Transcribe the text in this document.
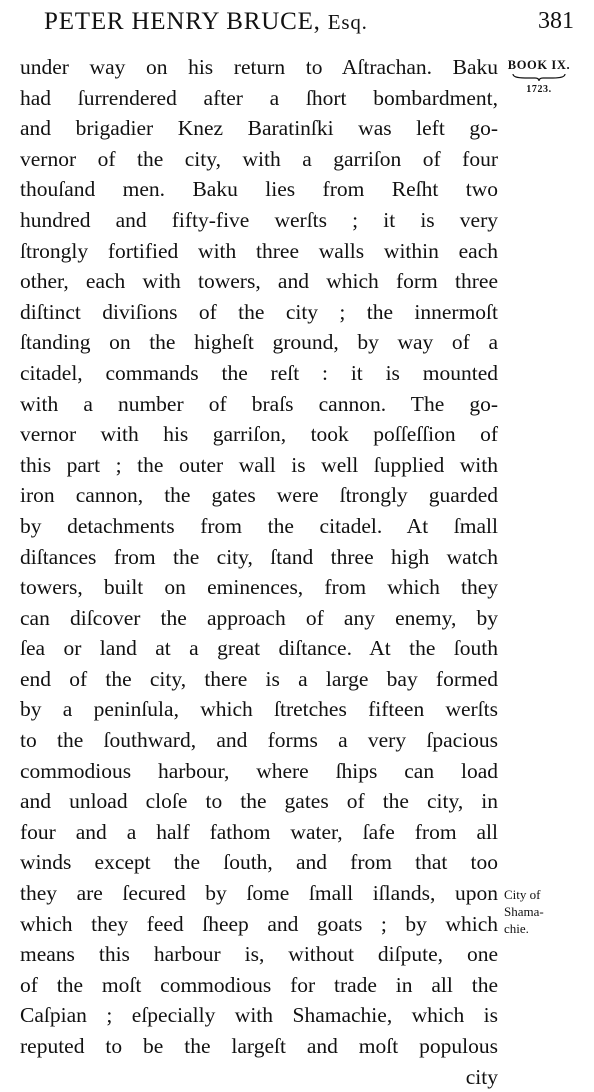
PETER HENRY BRUCE, Esq.	381
BOOK IX.
1723.
under way on his return to Aſtrachan. Baku
had ſurrendered after a ſhort bombardment,
and brigadier Knez Baratinſki was left go-
vernor of the city, with a garriſon of four
thouſand men. Baku lies from Reſht two
hundred and fifty-five werſts ; it is very
ſtrongly fortified with three walls within each
other, each with towers, and which form three
diſtinct diviſions of the city ; the innermoſt
ſtanding on the higheſt ground, by way of a
citadel, commands the reſt : it is mounted
with a number of braſs cannon. The go-
vernor with his garriſon, took poſſeſſion of
this part ; the outer wall is well ſupplied with
iron cannon, the gates were ſtrongly guarded
by detachments from the citadel. At ſmall
diſtances from the city, ſtand three high watch
towers, built on eminences, from which they
can diſcover the approach of any enemy, by
ſea or land at a great diſtance. At the ſouth
end of the city, there is a large bay formed
by a peninſula, which ſtretches fifteen werſts
to the ſouthward, and forms a very ſpacious
commodious harbour, where ſhips can load
and unload cloſe to the gates of the city, in
four and a half fathom water, ſafe from all
winds except the ſouth, and from that too
they are ſecured by ſome ſmall iſlands, upon
which they feed ſheep and goats ; by which
means this harbour is, without diſpute, one
of the moſt commodious for trade in all the
Caſpian ; eſpecially with Shamachie, which is
reputed to be the largeſt and moſt populous
city
City of
Shama-
chie.
